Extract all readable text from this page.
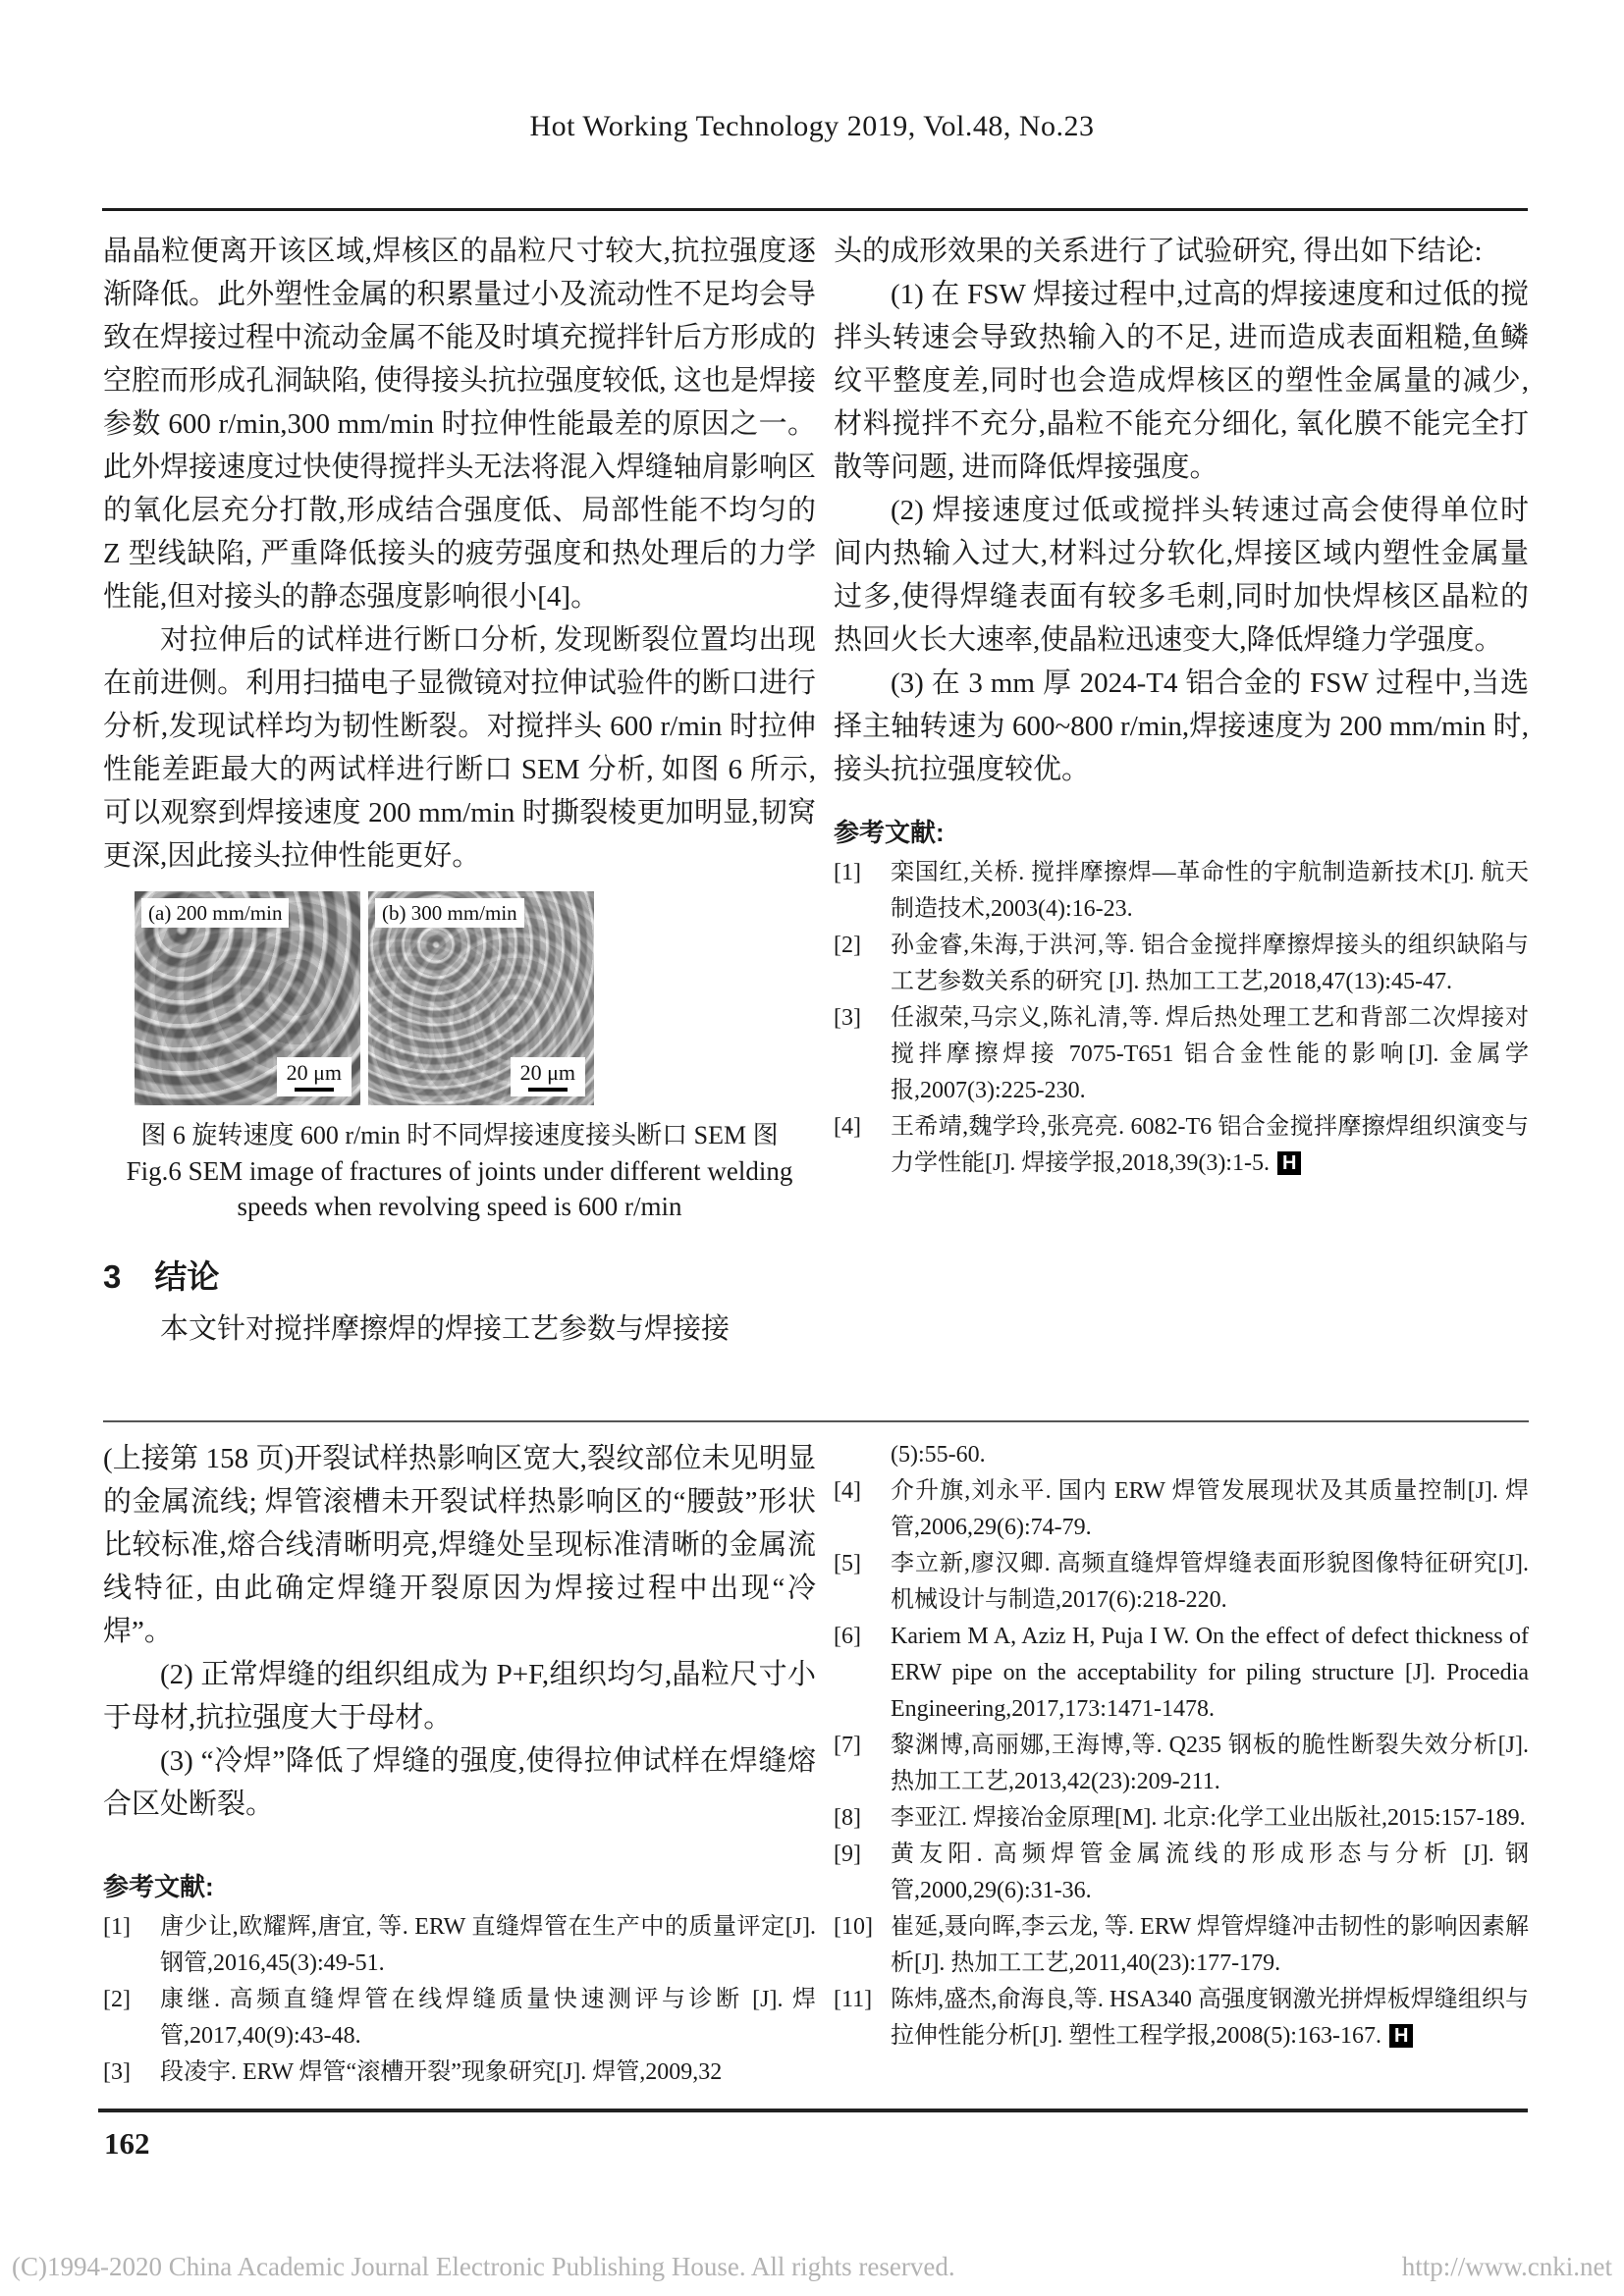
Hot Working Technology 2019, Vol.48, No.23

晶晶粒便离开该区域,焊核区的晶粒尺寸较大,抗拉强度逐渐降低。此外塑性金属的积累量过小及流动性不足均会导致在焊接过程中流动金属不能及时填充搅拌针后方形成的空腔而形成孔洞缺陷, 使得接头抗拉强度较低, 这也是焊接参数 600 r/min,300 mm/min 时拉伸性能最差的原因之一。此外焊接速度过快使得搅拌头无法将混入焊缝轴肩影响区的氧化层充分打散,形成结合强度低、局部性能不均匀的 Z 型线缺陷, 严重降低接头的疲劳强度和热处理后的力学性能,但对接头的静态强度影响很小[4]。

对拉伸后的试样进行断口分析, 发现断裂位置均出现在前进侧。利用扫描电子显微镜对拉伸试验件的断口进行分析,发现试样均为韧性断裂。对搅拌头 600 r/min 时拉伸性能差距最大的两试样进行断口 SEM 分析, 如图 6 所示, 可以观察到焊接速度 200 mm/min 时撕裂棱更加明显,韧窝更深,因此接头拉伸性能更好。

(a) 200 mm/min
20 μm
(b) 300 mm/min
20 μm
图 6 旋转速度 600 r/min 时不同焊接速度接头断口 SEM 图
Fig.6 SEM image of fractures of joints under different welding
speeds when revolving speed is 600 r/min
3 结论

本文针对搅拌摩擦焊的焊接工艺参数与焊接接

头的成形效果的关系进行了试验研究, 得出如下结论:

(1) 在 FSW 焊接过程中,过高的焊接速度和过低的搅拌头转速会导致热输入的不足, 进而造成表面粗糙,鱼鳞纹平整度差,同时也会造成焊核区的塑性金属量的减少,材料搅拌不充分,晶粒不能充分细化, 氧化膜不能完全打散等问题, 进而降低焊接强度。

(2) 焊接速度过低或搅拌头转速过高会使得单位时间内热输入过大,材料过分软化,焊接区域内塑性金属量过多,使得焊缝表面有较多毛刺,同时加快焊核区晶粒的热回火长大速率,使晶粒迅速变大,降低焊缝力学强度。

(3) 在 3 mm 厚 2024-T4 铝合金的 FSW 过程中,当选择主轴转速为 600~800 r/min,焊接速度为 200 mm/min 时,接头抗拉强度较优。

参考文献:
[1]	栾国红,关桥. 搅拌摩擦焊—革命性的宇航制造新技术[J]. 航天制造技术,2003(4):16-23.
[2]	孙金睿,朱海,于洪河,等. 铝合金搅拌摩擦焊接头的组织缺陷与工艺参数关系的研究 [J]. 热加工工艺,2018,47(13):45-47.
[3]	任淑荣,马宗义,陈礼清,等. 焊后热处理工艺和背部二次焊接对搅拌摩擦焊接 7075-T651 铝合金性能的影响[J]. 金属学报,2007(3):225-230.
[4]	王希靖,魏学玲,张亮亮. 6082-T6 铝合金搅拌摩擦焊组织演变与力学性能[J]. 焊接学报,2018,39(3):1-5. H

(上接第 158 页)开裂试样热影响区宽大,裂纹部位未见明显的金属流线; 焊管滚槽未开裂试样热影响区的“腰鼓”形状比较标准,熔合线清晰明亮,焊缝处呈现标准清晰的金属流线特征, 由此确定焊缝开裂原因为焊接过程中出现“冷焊”。

(2) 正常焊缝的组织组成为 P+F,组织均匀,晶粒尺寸小于母材,抗拉强度大于母材。

(3) “冷焊”降低了焊缝的强度,使得拉伸试样在焊缝熔合区处断裂。

参考文献:
[1]	唐少让,欧耀辉,唐宜, 等. ERW 直缝焊管在生产中的质量评定[J]. 钢管,2016,45(3):49-51.
[2]	康继. 高频直缝焊管在线焊缝质量快速测评与诊断 [J]. 焊管,2017,40(9):43-48.
[3]	段凌宇. ERW 焊管“滚槽开裂”现象研究[J]. 焊管,2009,32
(5):55-60.
[4]	介升旗,刘永平. 国内 ERW 焊管发展现状及其质量控制[J]. 焊管,2006,29(6):74-79.
[5]	李立新,廖汉卿. 高频直缝焊管焊缝表面形貌图像特征研究[J]. 机械设计与制造,2017(6):218-220.
[6]	Kariem M A, Aziz H, Puja I W. On the effect of defect thickness of ERW pipe on the acceptability for piling structure [J]. Procedia Engineering,2017,173:1471-1478.
[7]	黎渊博,高丽娜,王海博,等. Q235 钢板的脆性断裂失效分析[J]. 热加工工艺,2013,42(23):209-211.
[8]	李亚江. 焊接冶金原理[M]. 北京:化学工业出版社,2015:157-189.
[9]	黄友阳. 高频焊管金属流线的形成形态与分析 [J]. 钢管,2000,29(6):31-36.
[10] 崔延,聂向晖,李云龙, 等. ERW 焊管焊缝冲击韧性的影响因素解析[J]. 热加工工艺,2011,40(23):177-179.
[11] 陈炜,盛杰,俞海良,等. HSA340 高强度钢激光拼焊板焊缝组织与拉伸性能分析[J]. 塑性工程学报,2008(5):163-167. H
162
(C)1994-2020 China Academic Journal Electronic Publishing House. All rights reserved.	http://www.cnki.net
